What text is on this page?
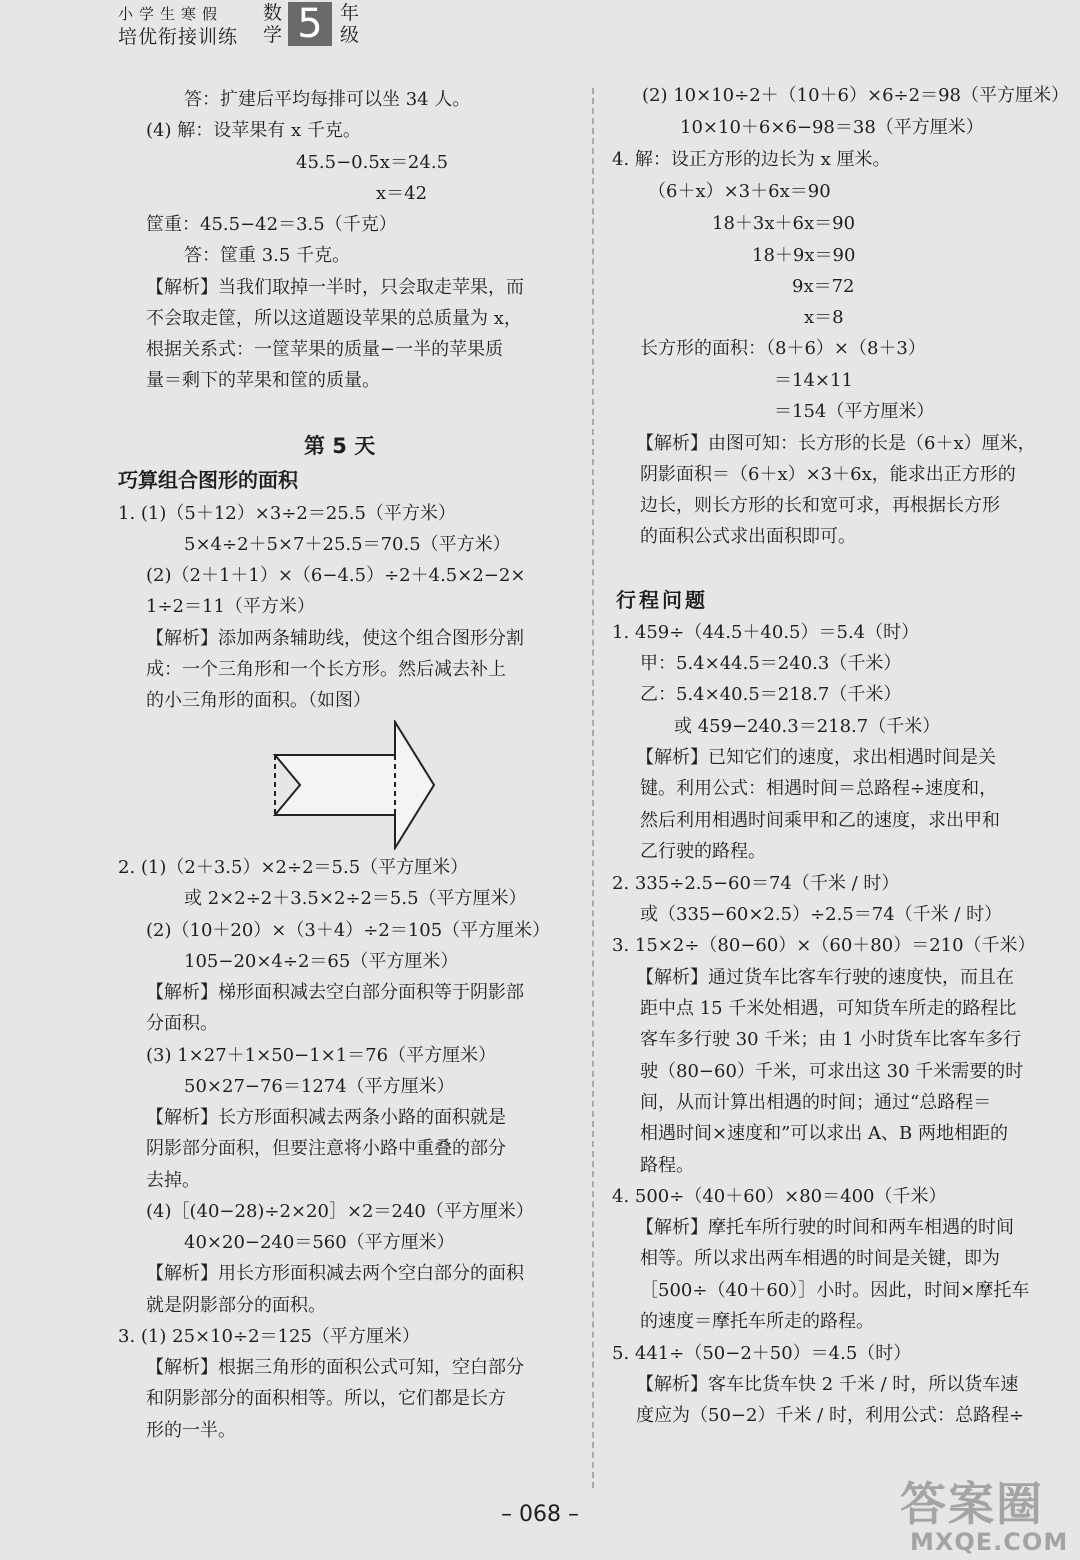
小学生寒假
培优衔接训练
数学 5 年级
答：扩建后平均每排可以坐 34 人。
(4) 解：设苹果有 x 千克。
45.5−0.5x＝24.5
x＝42
筐重：45.5−42＝3.5（千克）
答：筐重 3.5 千克。
【解析】当我们取掉一半时，只会取走苹果，而
不会取走筐，所以这道题设苹果的总质量为 x，
根据关系式：一筐苹果的质量−一半的苹果质
量＝剩下的苹果和筐的质量。
第 5 天
巧算组合图形的面积
1. (1)（5＋12）×3÷2＝25.5（平方米）
5×4÷2＋5×7＋25.5＝70.5（平方米）
(2)（2＋1＋1）×（6−4.5）÷2＋4.5×2−2×
1÷2＝11（平方米）
【解析】添加两条辅助线，使这个组合图形分割
成：一个三角形和一个长方形。然后减去补上
的小三角形的面积。（如图）
2. (1)（2＋3.5）×2÷2＝5.5（平方厘米）
或 2×2÷2＋3.5×2÷2＝5.5（平方厘米）
(2)（10＋20）×（3＋4）÷2＝105（平方厘米）
105−20×4÷2＝65（平方厘米）
【解析】梯形面积减去空白部分面积等于阴影部
分面积。
(3) 1×27＋1×50−1×1＝76（平方厘米）
50×27−76＝1274（平方厘米）
【解析】长方形面积减去两条小路的面积就是
阴影部分面积，但要注意将小路中重叠的部分
去掉。
(4)［(40−28)÷2×20］×2＝240（平方厘米）
40×20−240＝560（平方厘米）
【解析】用长方形面积减去两个空白部分的面积
就是阴影部分的面积。
3. (1) 25×10÷2＝125（平方厘米）
【解析】根据三角形的面积公式可知，空白部分
和阴影部分的面积相等。所以，它们都是长方
形的一半。
(2) 10×10÷2＋（10＋6）×6÷2＝98（平方厘米）
10×10＋6×6−98＝38（平方厘米）
4. 解：设正方形的边长为 x 厘米。
（6＋x）×3＋6x＝90
18＋3x＋6x＝90
18＋9x＝90
9x＝72
x＝8
长方形的面积：（8＋6）×（8＋3）
＝14×11
＝154（平方厘米）
【解析】由图可知：长方形的长是（6＋x）厘米，
阴影面积＝（6＋x）×3＋6x，能求出正方形的
边长，则长方形的长和宽可求，再根据长方形
的面积公式求出面积即可。
行程问题
1. 459÷（44.5＋40.5）＝5.4（时）
甲：5.4×44.5＝240.3（千米）
乙：5.4×40.5＝218.7（千米）
或 459−240.3＝218.7（千米）
【解析】已知它们的速度，求出相遇时间是关
键。利用公式：相遇时间＝总路程÷速度和，
然后利用相遇时间乘甲和乙的速度，求出甲和
乙行驶的路程。
2. 335÷2.5−60＝74（千米 / 时）
或（335−60×2.5）÷2.5＝74（千米 / 时）
3. 15×2÷（80−60）×（60＋80）＝210（千米）
【解析】通过货车比客车行驶的速度快，而且在
距中点 15 千米处相遇，可知货车所走的路程比
客车多行驶 30 千米；由 1 小时货车比客车多行
驶（80−60）千米，可求出这 30 千米需要的时
间，从而计算出相遇的时间；通过“总路程＝
相遇时间×速度和”可以求出 A、B 两地相距的
路程。
4. 500÷（40＋60）×80＝400（千米）
【解析】摩托车所行驶的时间和两车相遇的时间
相等。所以求出两车相遇的时间是关键，即为
［500÷（40＋60）］小时。因此，时间×摩托车
的速度＝摩托车所走的路程。
5. 441÷（50−2＋50）＝4.5（时）
【解析】客车比货车快 2 千米 / 时，所以货车速
度应为（50−2）千米 / 时，利用公式：总路程÷
– 068 –	答案圈
MXQE.COM
